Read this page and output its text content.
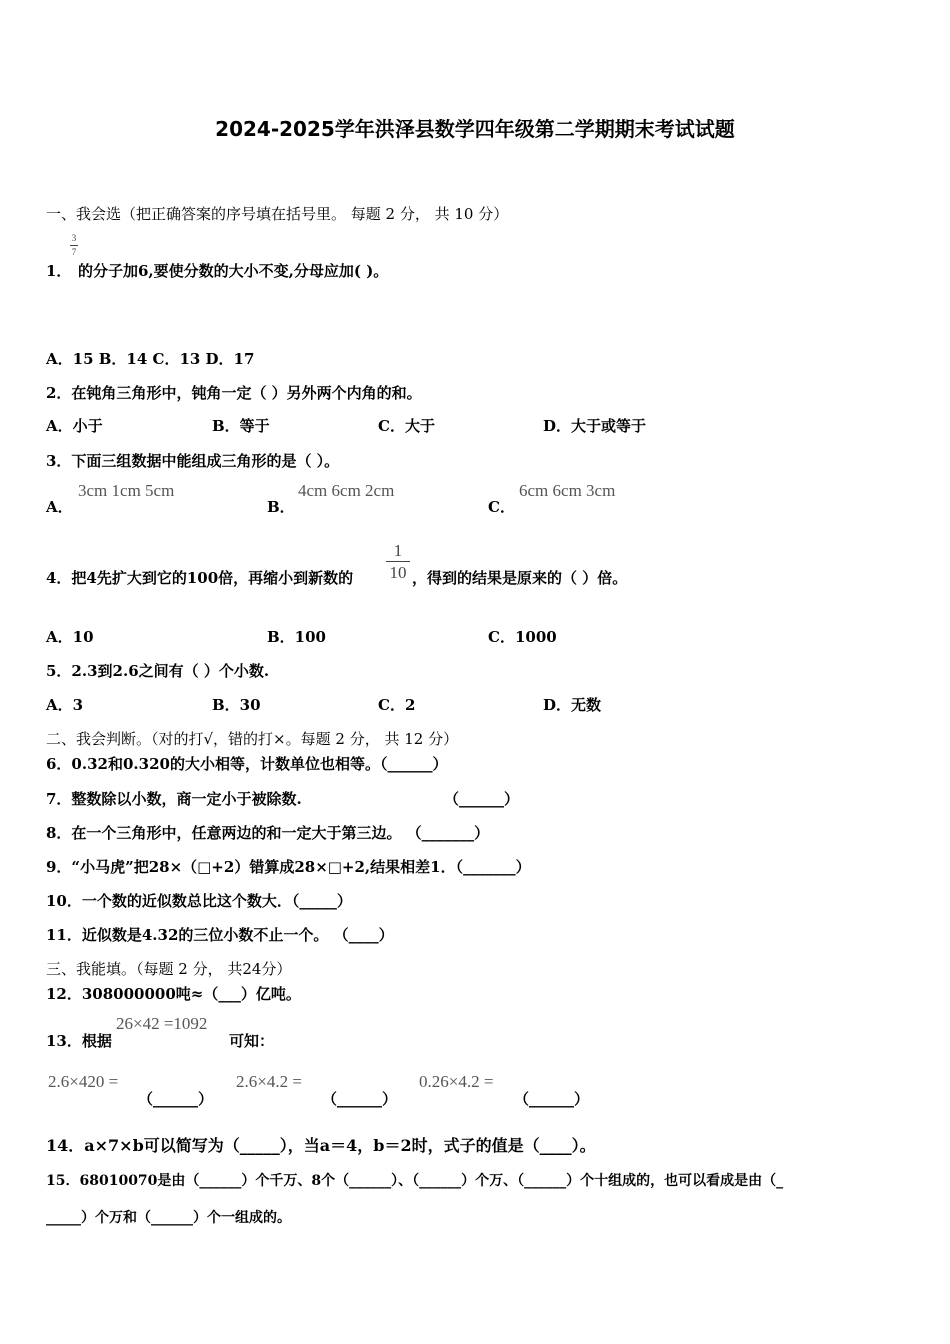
2024-2025学年洪泽县数学四年级第二学期期末考试试题
一、我会选（把正确答案的序号填在括号里。 每题 2 分， 共 10 分）
1．
3
7
的分子加6,要使分数的大小不变,分母应加( )。
A．15 B．14 C．13 D．17
2．在钝角三角形中，钝角一定（ ）另外两个内角的和。
A．小于	B．等于	C．大于	D．大于或等于
3．下面三组数据中能组成三角形的是（ ）。
A．
3cm 1cm 5cm
B．
4cm 6cm 2cm
C．
6cm 6cm 3cm
4．把4先扩大到它的100倍，再缩小到新数的
1
10 ，得到的结果是原来的（ ）倍。
A．10	B．100	C．1000
5．2.3到2.6之间有（ ）个小数.
A．3	B．30	C．2	D．无数
二、我会判断。（对的打√，错的打×。每题 2 分， 共 12 分）
6．0.32和0.320的大小相等，计数单位也相等。（______）
7．整数除以小数，商一定小于被除数.	（______）
8．在一个三角形中，任意两边的和一定大于第三边。 （_______）
9．“小马虎”把28×（□+2）错算成28×□+2,结果相差1．（_______）
10．一个数的近似数总比这个数大．（_____）
11．近似数是4.32的三位小数不止一个。 （____）
三、我能填。（每题 2 分， 共24分）
12．308000000吨≈（___）亿吨。
13．根据
26×42 =1092
可知：
2.6×420 =
（______）
2.6×4.2 =
（______）
0.26×4.2 =
（______）
14．a×7×b可以简写为（_____），当a＝4，b＝2时，式子的值是（____）。
15．68010070是由（______）个千万、8个（______）、（______）个万、（______）个十组成的，也可以看成是由（_
_____）个万和（______）个一组成的。
